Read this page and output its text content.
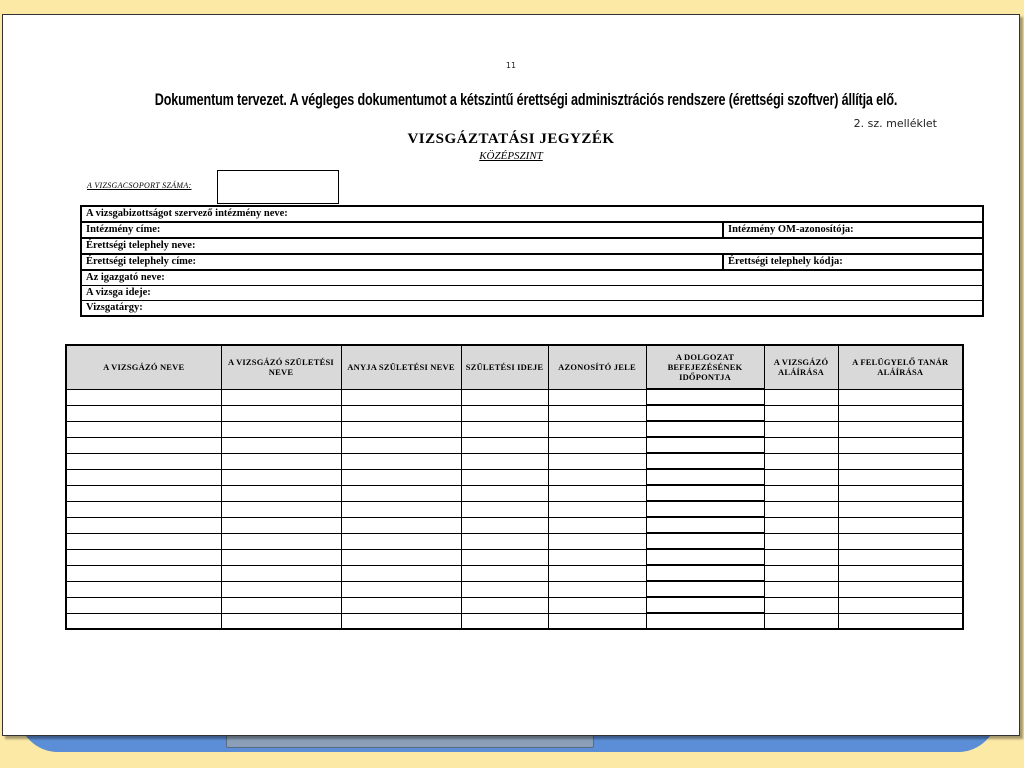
11
Dokumentum tervezet. A végleges dokumentumot a kétszintű érettségi adminisztrációs rendszere (érettségi szoftver) állítja elő.
2. sz. melléklet
VIZSGÁZTATÁSI JEGYZÉK
KÖZÉPSZINT
A VIZSGACSOPORT SZÁMA:
A vizsgabizottságot szervező intézmény neve:
Intézmény címe:	Intézmény OM-azonosítója:
Érettségi telephely neve:
Érettségi telephely címe:	Érettségi telephely kódja:
Az igazgató neve:
A vizsga ideje:
Vizsgatárgy:
A VIZSGÁZÓ NEVE	A VIZSGÁZÓ SZÜLETÉSI NEVE	ANYJA SZÜLETÉSI NEVE	SZÜLETÉSI IDEJE	AZONOSÍTÓ JELE	A DOLGOZAT BEFEJEZÉSÉNEK IDŐPONTJA	A VIZSGÁZÓ ALÁÍRÁSA	A FELÜGYELŐ TANÁR ALÁÍRÁSA
